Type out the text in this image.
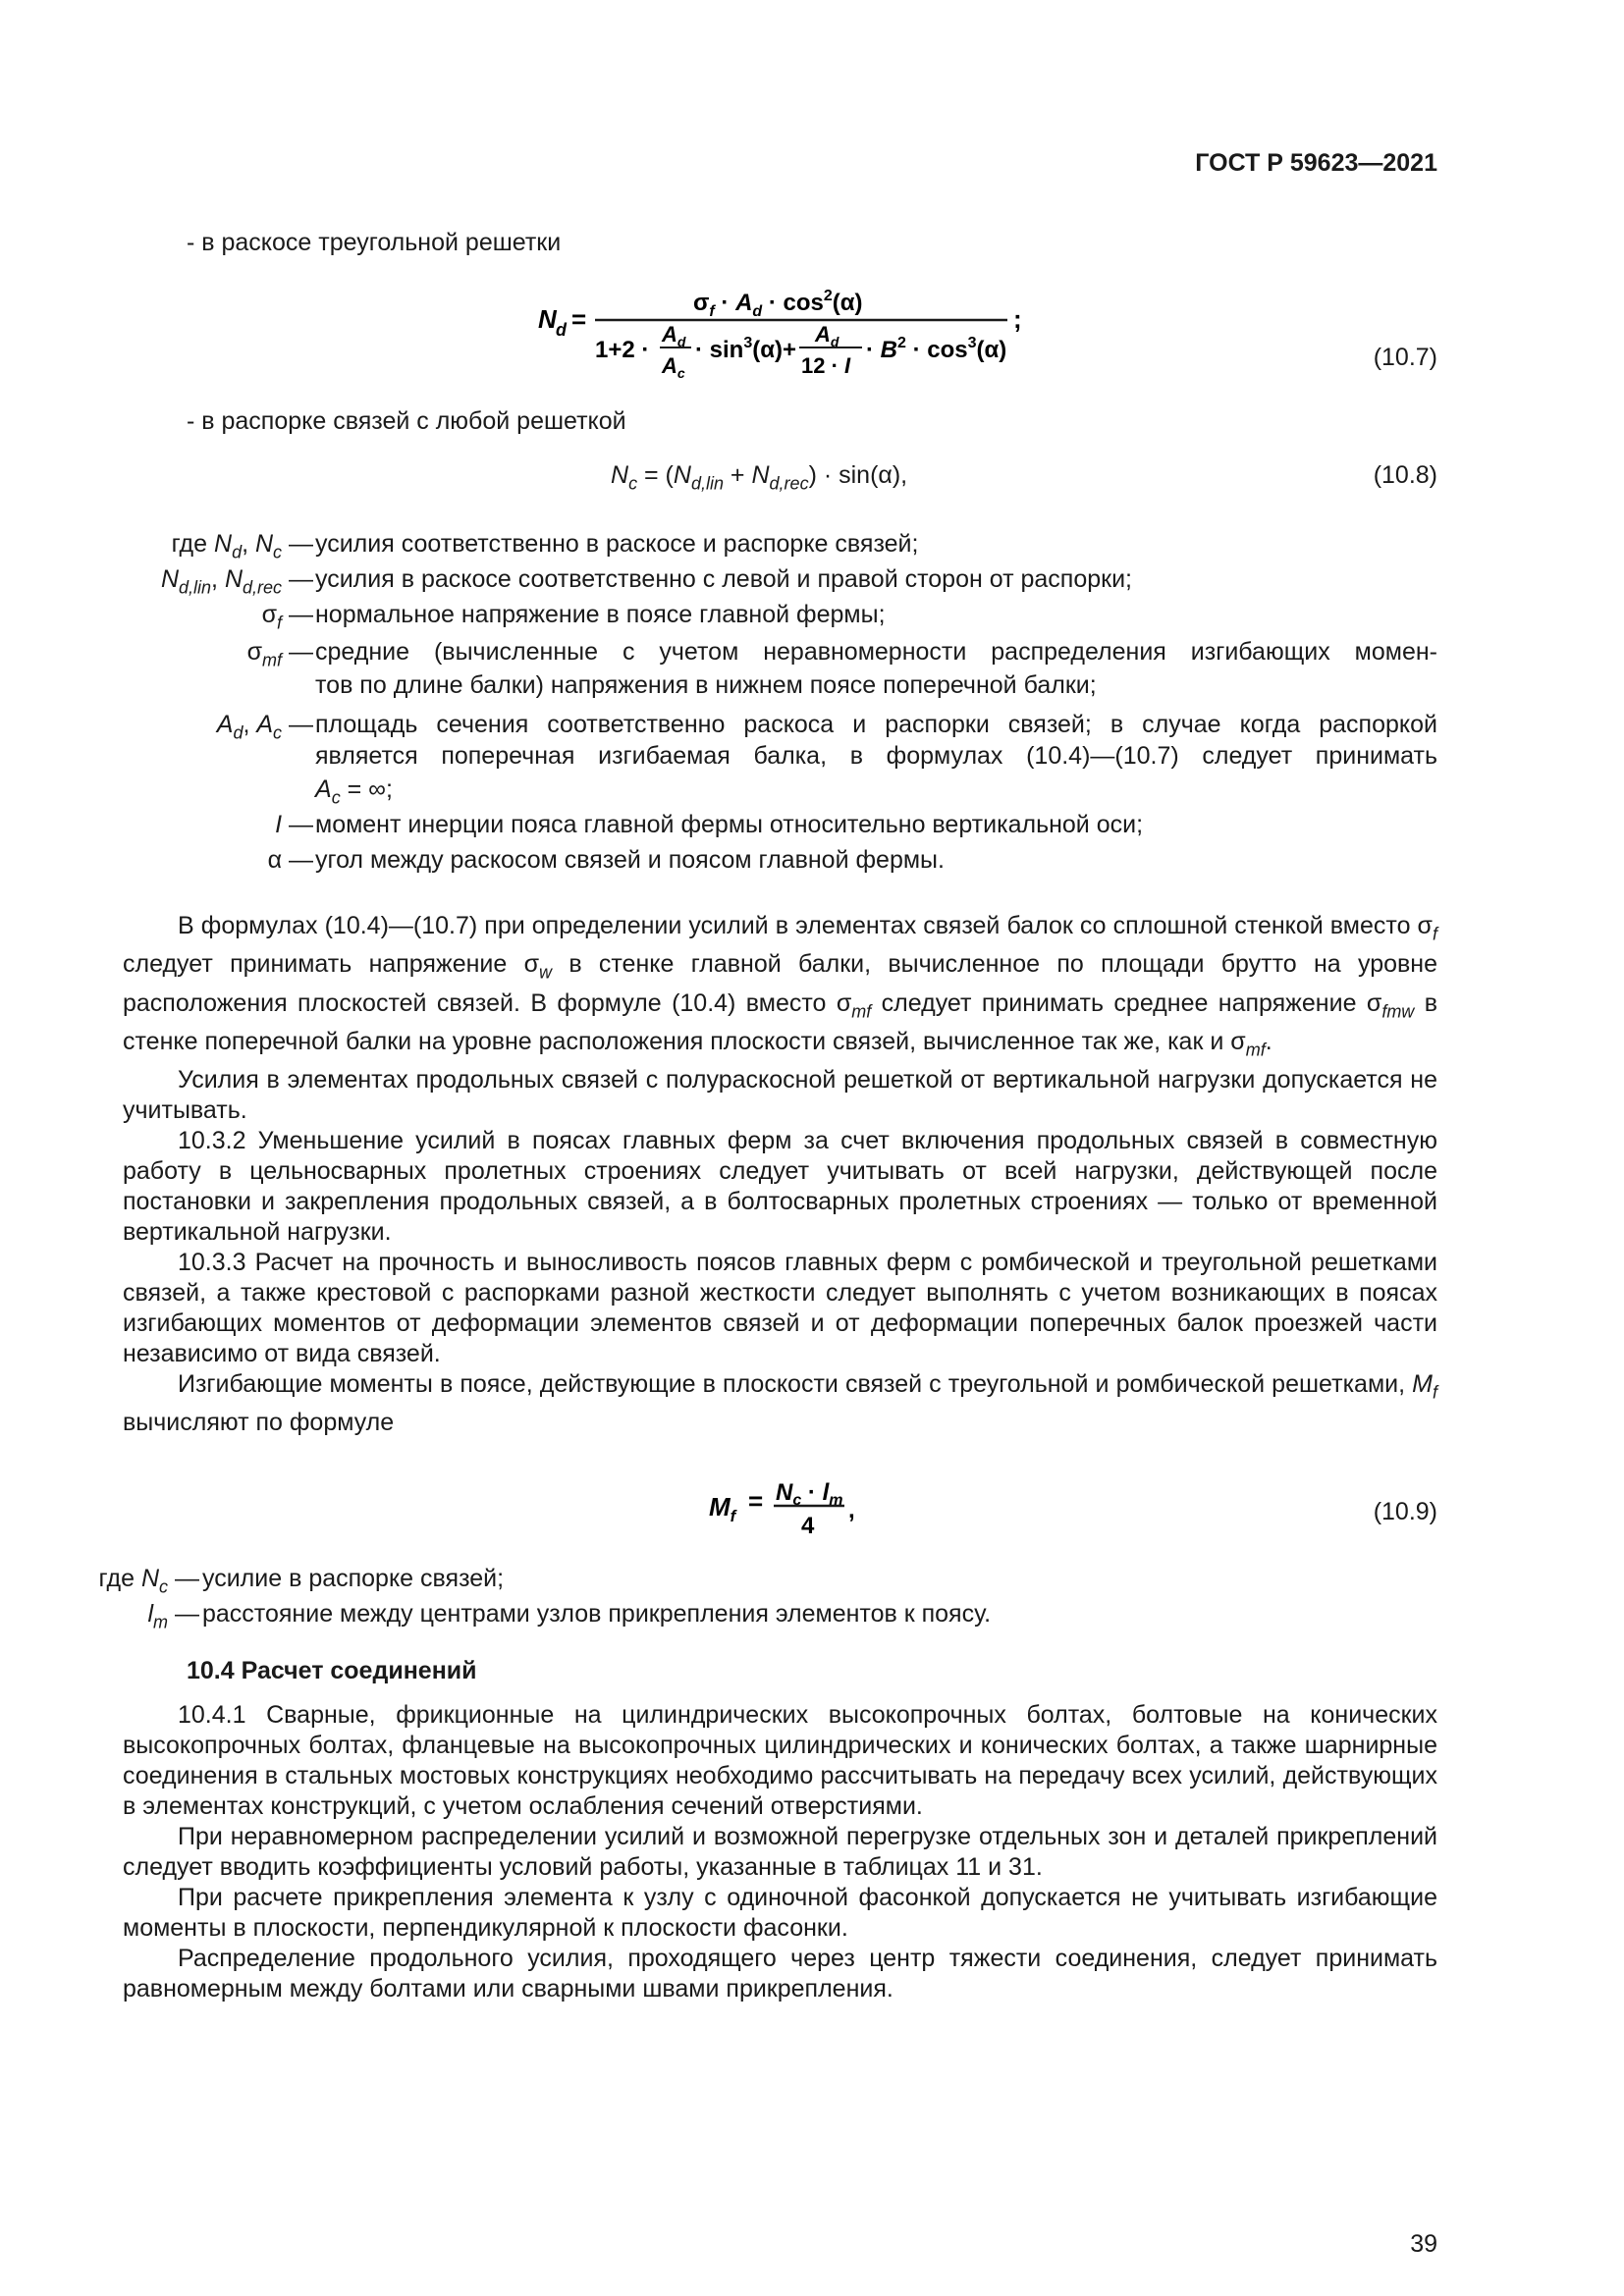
ГОСТ Р 59623—2021
- в раскосе треугольной решетки
N d =
$\sigma_f \cdot A_d \cdot \cos^2(\alpha)$
1+2 ·
$A_d$
$A_c$
· $\sin^3(\alpha)+$
$A_d$
12 · I
· $B^2 \cdot \cos^3(\alpha)$
;
(10.7)
- в распорке связей с любой решеткой
$N_c = (N_{d,lin} + N_{d,rec}) \cdot \sin(\alpha)$,	(10.8)
где $N_d$, $N_c$ — усилия соответственно в раскосе и распорке связей;
$N_{d,lin}$, $N_{d,rec}$ — усилия в раскосе соответственно с левой и правой сторон от распорки;
$\sigma_f$ — нормальное напряжение в поясе главной фермы;
$\sigma_{mf}$ — средние (вычисленные с учетом неравномерности распределения изгибающих момен-
тов по длине балки) напряжения в нижнем поясе поперечной балки;
$A_d$, $A_c$ — площадь сечения соответственно раскоса и распорки связей; в случае когда распоркой
является поперечная изгибаемая балка, в формулах (10.4)—(10.7) следует принимать
$A_c$ = ∞;
I — момент инерции пояса главной фермы относительно вертикальной оси;
α — угол между раскосом связей и поясом главной фермы.

В формулах (10.4)—(10.7) при определении усилий в элементах связей балок со сплошной стенкой вместо $\sigma_f$ следует принимать напряжение $\sigma_w$ в стенке главной балки, вычисленное по площади брутто на уровне расположения плоскостей связей. В формуле (10.4) вместо $\sigma_{mf}$ следует принимать среднее напряжение $\sigma_{fmw}$ в стенке поперечной балки на уровне расположения плоскости связей, вычисленное так же, как и $\sigma_{mf}$.

Усилия в элементах продольных связей с полураскосной решеткой от вертикальной нагрузки допускается не учитывать.

10.3.2 Уменьшение усилий в поясах главных ферм за счет включения продольных связей в совместную работу в цельносварных пролетных строениях следует учитывать от всей нагрузки, действующей после постановки и закрепления продольных связей, а в болтосварных пролетных строениях — только от временной вертикальной нагрузки.

10.3.3 Расчет на прочность и выносливость поясов главных ферм с ромбической и треугольной решетками связей, а также крестовой с распорками разной жесткости следует выполнять с учетом возникающих в поясах изгибающих моментов от деформации элементов связей и от деформации поперечных балок проезжей части независимо от вида связей.

Изгибающие моменты в поясе, действующие в плоскости связей с треугольной и ромбической решетками, $M_f$ вычисляют по формуле

$M_f$
= $N_c \cdot l_m$
4
,	(10.9)
где $N_c$ — усилие в распорке связей;
$l_m$ — расстояние между центрами узлов прикрепления элементов к поясу.
10.4 Расчет соединений

10.4.1 Сварные, фрикционные на цилиндрических высокопрочных болтах, болтовые на конических высокопрочных болтах, фланцевые на высокопрочных цилиндрических и конических болтах, а также шарнирные соединения в стальных мостовых конструкциях необходимо рассчитывать на передачу всех усилий, действующих в элементах конструкций, с учетом ослабления сечений отверстиями.

При неравномерном распределении усилий и возможной перегрузке отдельных зон и деталей прикреплений следует вводить коэффициенты условий работы, указанные в таблицах 11 и 31.

При расчете прикрепления элемента к узлу с одиночной фасонкой допускается не учитывать изгибающие моменты в плоскости, перпендикулярной к плоскости фасонки.

Распределение продольного усилия, проходящего через центр тяжести соединения, следует принимать равномерным между болтами или сварными швами прикрепления.

39
